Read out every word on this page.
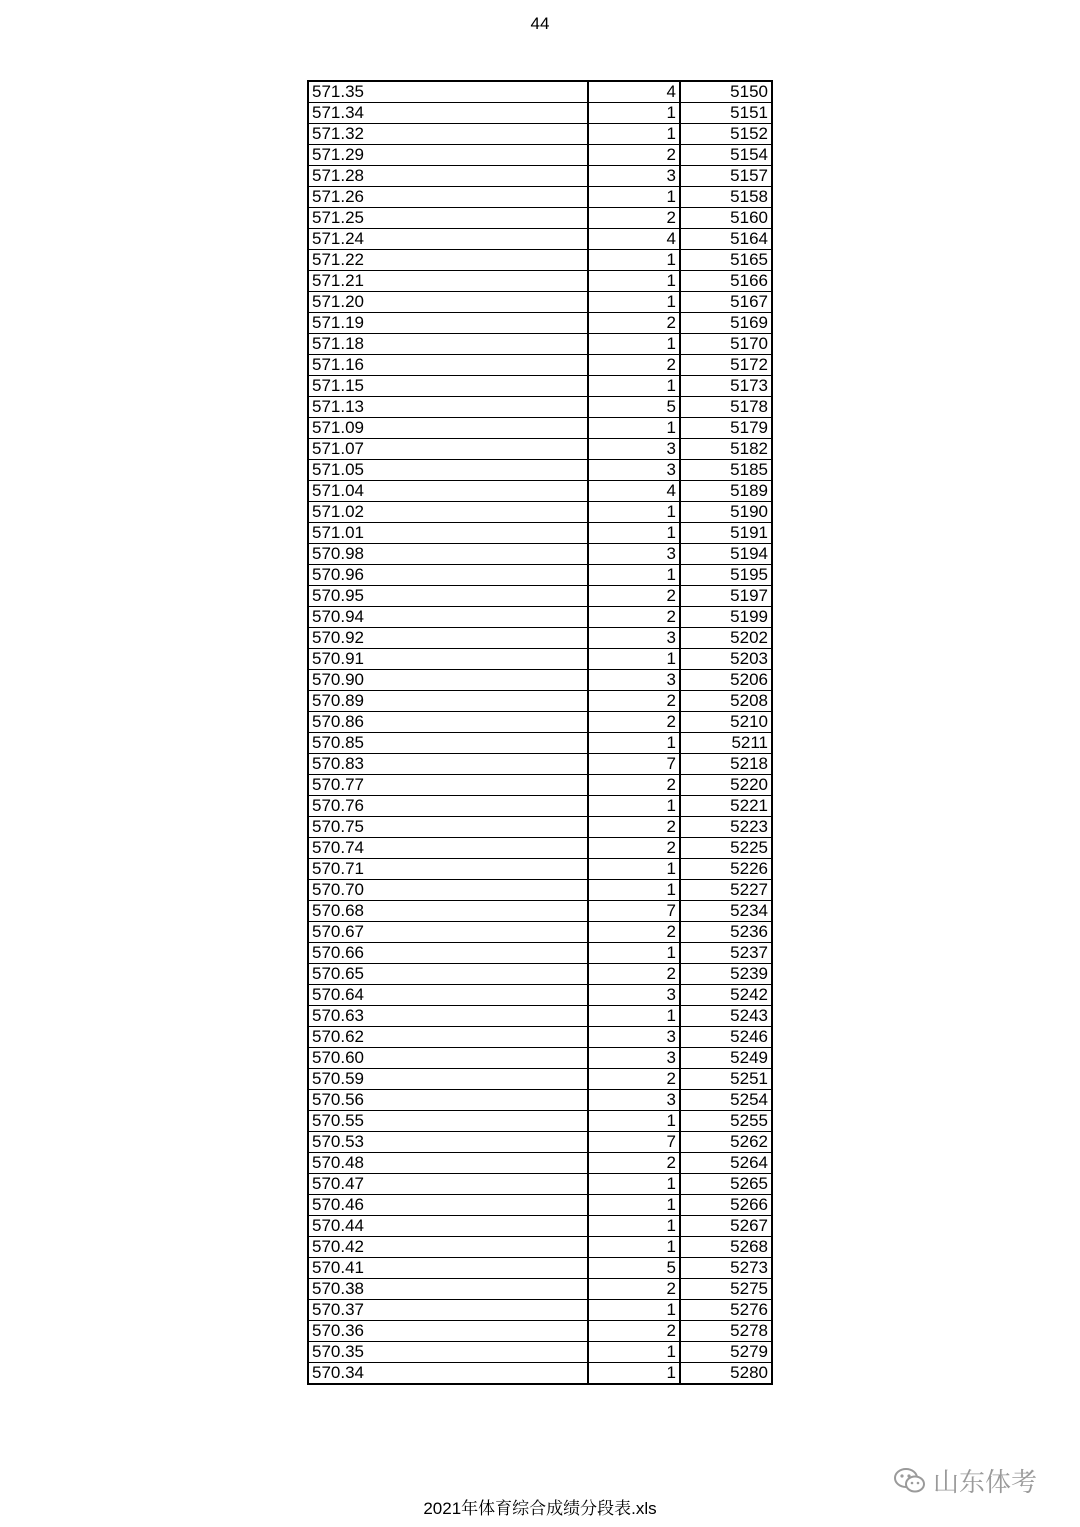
44
571.35	4	5150
571.34	1	5151
571.32	1	5152
571.29	2	5154
571.28	3	5157
571.26	1	5158
571.25	2	5160
571.24	4	5164
571.22	1	5165
571.21	1	5166
571.20	1	5167
571.19	2	5169
571.18	1	5170
571.16	2	5172
571.15	1	5173
571.13	5	5178
571.09	1	5179
571.07	3	5182
571.05	3	5185
571.04	4	5189
571.02	1	5190
571.01	1	5191
570.98	3	5194
570.96	1	5195
570.95	2	5197
570.94	2	5199
570.92	3	5202
570.91	1	5203
570.90	3	5206
570.89	2	5208
570.86	2	5210
570.85	1	5211
570.83	7	5218
570.77	2	5220
570.76	1	5221
570.75	2	5223
570.74	2	5225
570.71	1	5226
570.70	1	5227
570.68	7	5234
570.67	2	5236
570.66	1	5237
570.65	2	5239
570.64	3	5242
570.63	1	5243
570.62	3	5246
570.60	3	5249
570.59	2	5251
570.56	3	5254
570.55	1	5255
570.53	7	5262
570.48	2	5264
570.47	1	5265
570.46	1	5266
570.44	1	5267
570.42	1	5268
570.41	5	5273
570.38	2	5275
570.37	1	5276
570.36	2	5278
570.35	1	5279
570.34	1	5280
2021年体育综合成绩分段表.xls
山东体考
